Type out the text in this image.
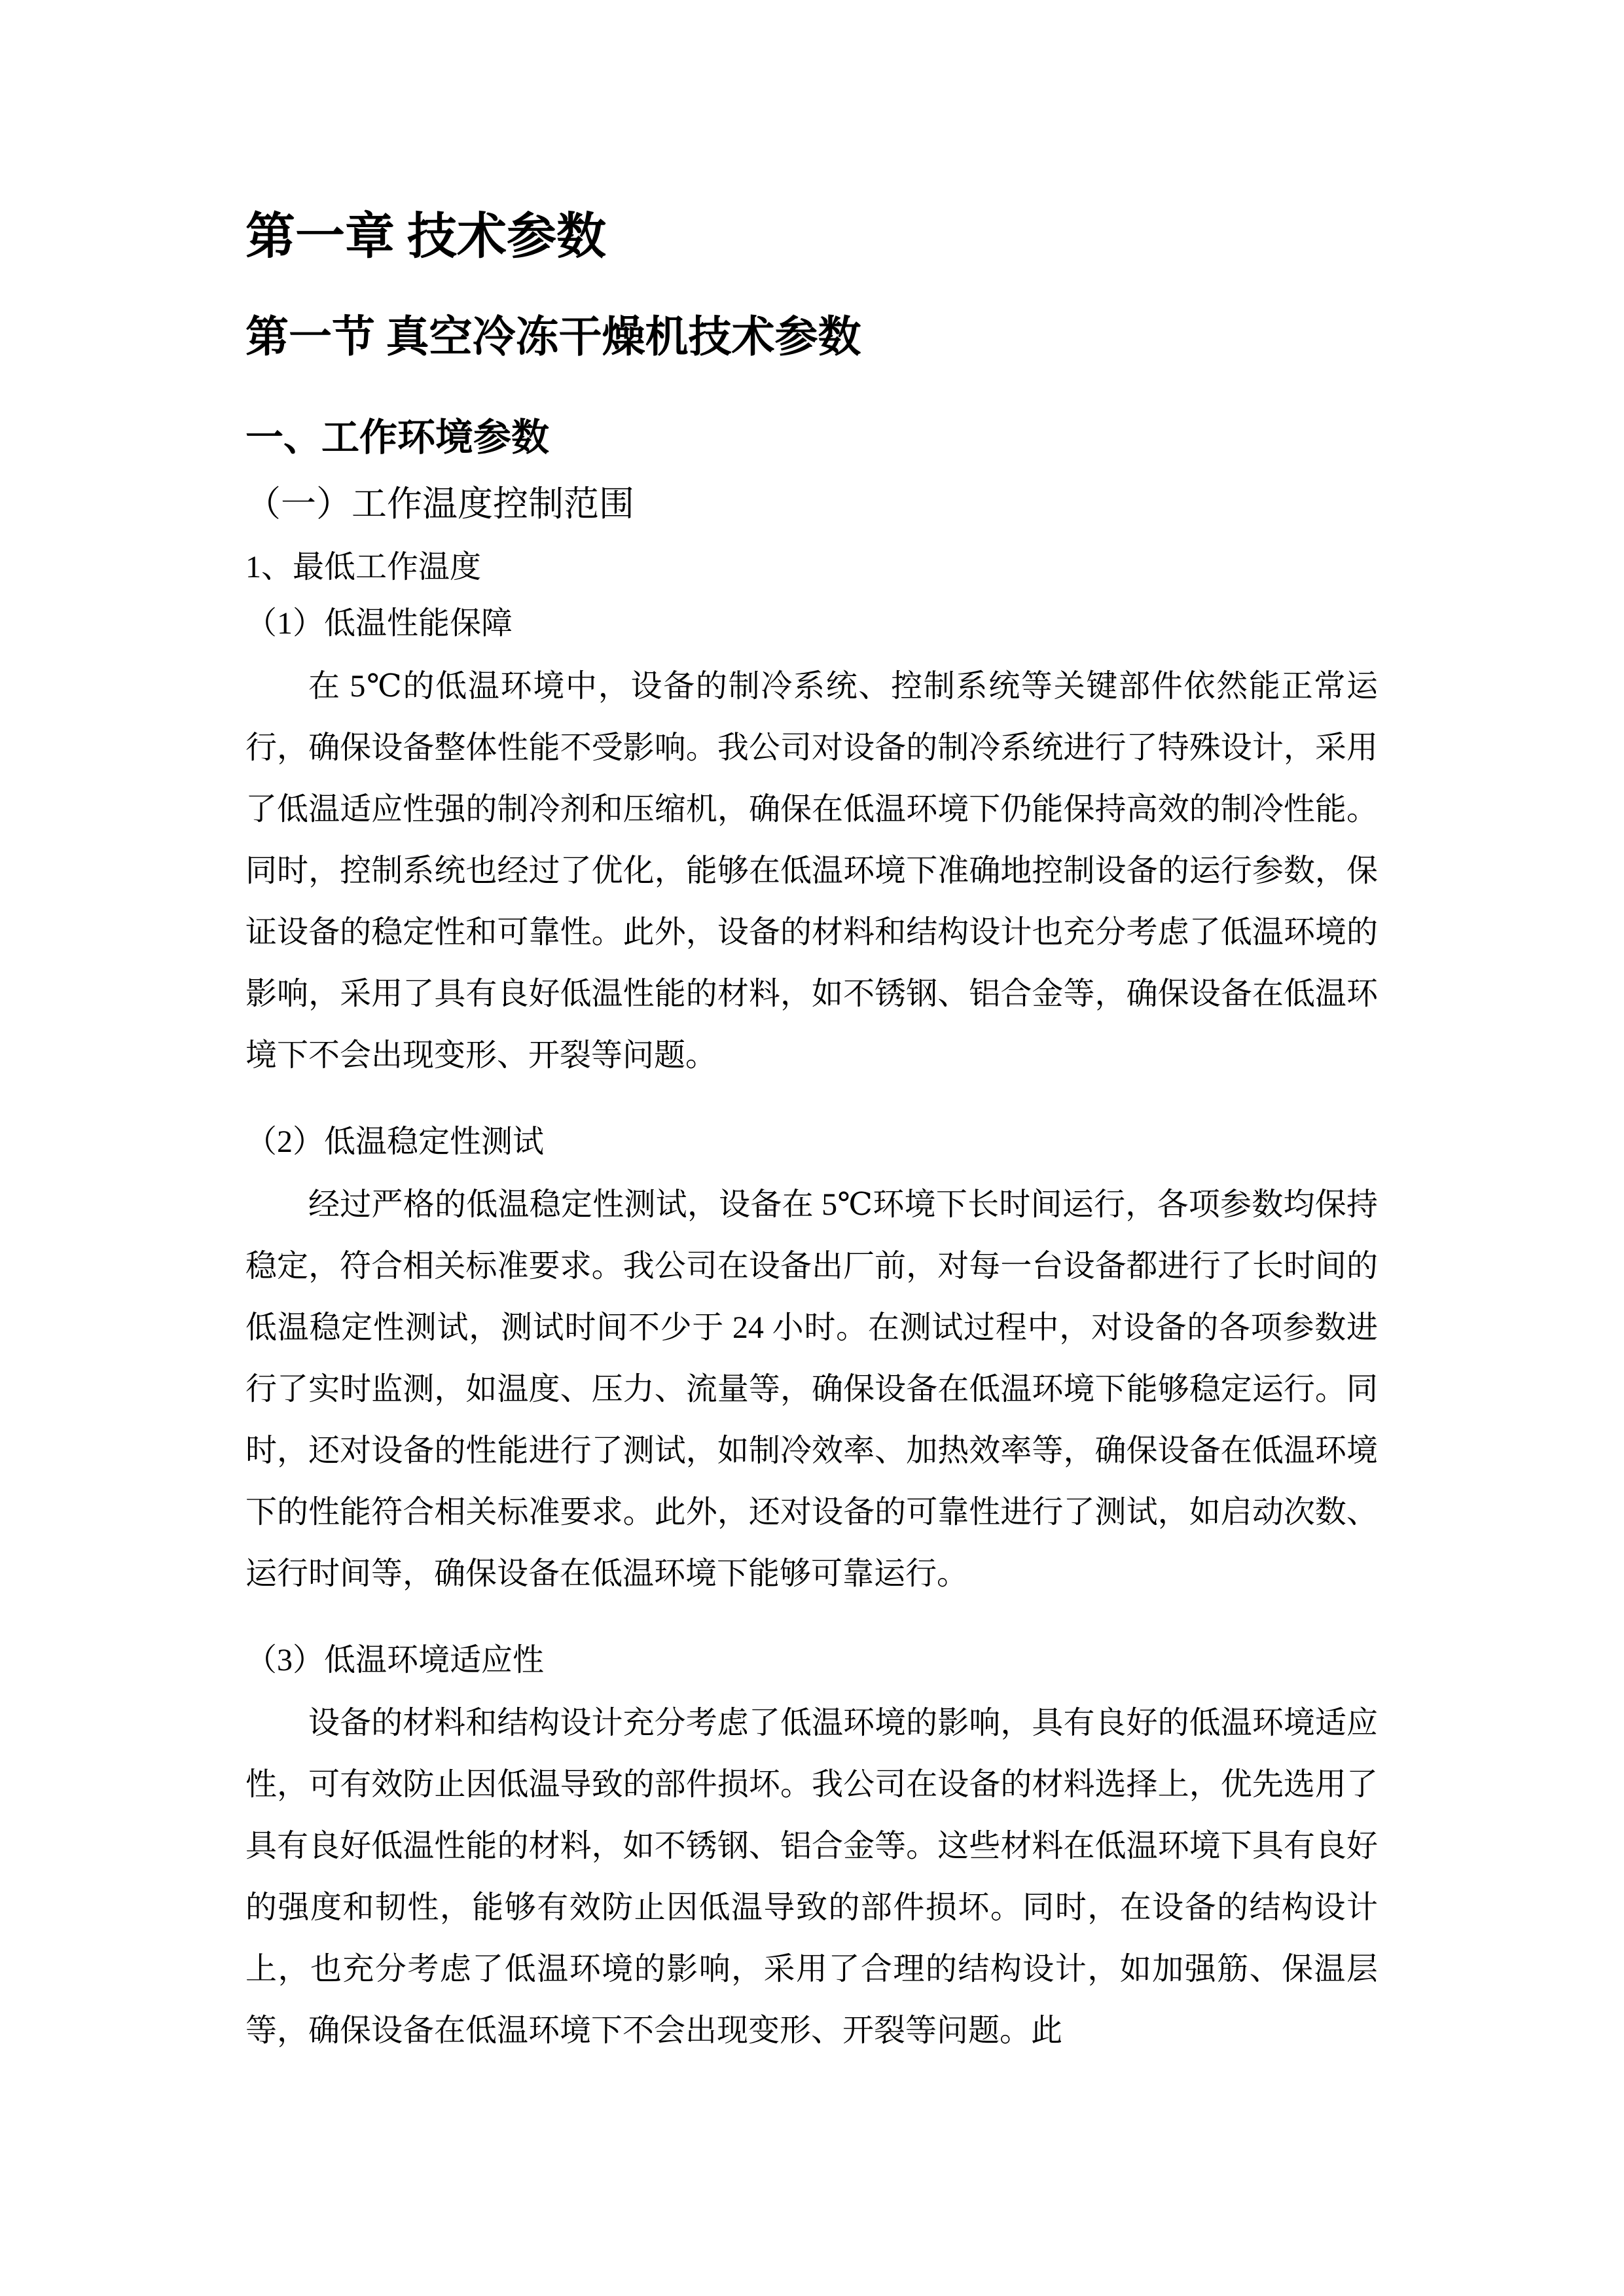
第一章 技术参数
第一节 真空冷冻干燥机技术参数
一、工作环境参数
（一）工作温度控制范围
1、最低工作温度
（1）低温性能保障

在 5℃的低温环境中，设备的制冷系统、控制系统等关键部件依然能正常运行，确保设备整体性能不受影响。我公司对设备的制冷系统进行了特殊设计，采用了低温适应性强的制冷剂和压缩机，确保在低温环境下仍能保持高效的制冷性能。同时，控制系统也经过了优化，能够在低温环境下准确地控制设备的运行参数，保证设备的稳定性和可靠性。此外，设备的材料和结构设计也充分考虑了低温环境的影响，采用了具有良好低温性能的材料，如不锈钢、铝合金等，确保设备在低温环境下不会出现变形、开裂等问题。

（2）低温稳定性测试

经过严格的低温稳定性测试，设备在 5℃环境下长时间运行，各项参数均保持稳定，符合相关标准要求。我公司在设备出厂前，对每一台设备都进行了长时间的低温稳定性测试，测试时间不少于 24 小时。在测试过程中，对设备的各项参数进行了实时监测，如温度、压力、流量等，确保设备在低温环境下能够稳定运行。同时，还对设备的性能进行了测试，如制冷效率、加热效率等，确保设备在低温环境下的性能符合相关标准要求。此外，还对设备的可靠性进行了测试，如启动次数、运行时间等，确保设备在低温环境下能够可靠运行。

（3）低温环境适应性

设备的材料和结构设计充分考虑了低温环境的影响，具有良好的低温环境适应性，可有效防止因低温导致的部件损坏。我公司在设备的材料选择上，优先选用了具有良好低温性能的材料，如不锈钢、铝合金等。这些材料在低温环境下具有良好的强度和韧性，能够有效防止因低温导致的部件损坏。同时，在设备的结构设计上，也充分考虑了低温环境的影响，采用了合理的结构设计，如加强筋、保温层等，确保设备在低温环境下不会出现变形、开裂等问题。此
